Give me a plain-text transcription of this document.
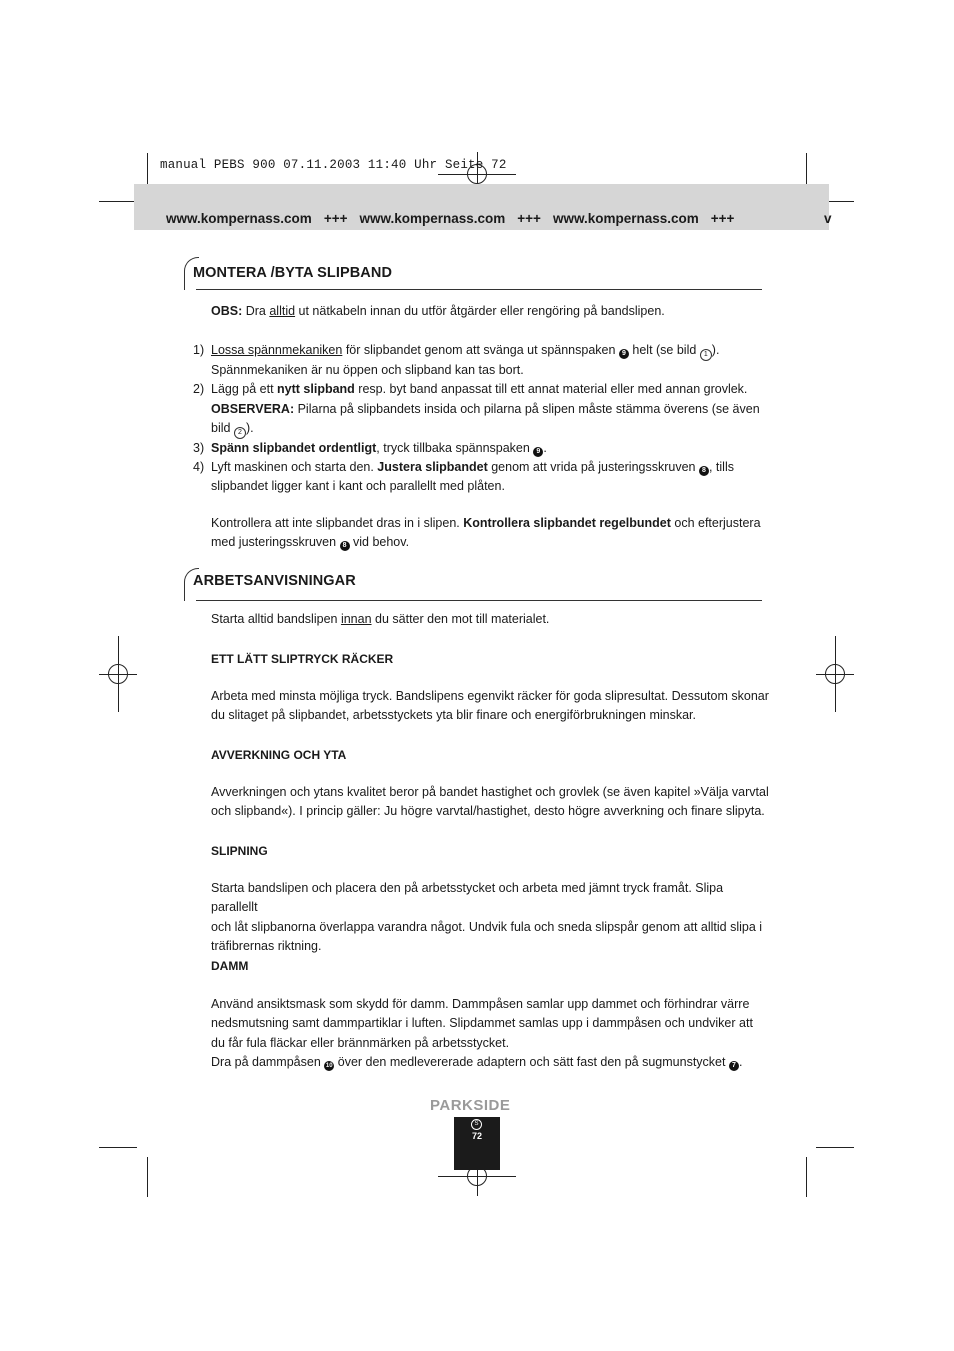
manual PEBS 900 07.11.2003 11:40 Uhr Seite 72
www.kompernass.com +++ www.kompernass.com +++ www.kompernass.com +++	v
MONTERA /BYTA SLIPBAND
OBS: Dra alltid ut nätkabeln innan du utför åtgärder eller rengöring på bandslipen.
1) Lossa spännmekaniken för slipbandet genom att svänga ut spännspaken 9 helt (se bild 1 ).

Spännmekaniken är nu öppen och slipband kan tas bort.

2) Lägg på ett nytt slipband resp. byt band anpassat till ett annat material eller med annan grovlek.

OBSERVERA: Pilarna på slipbandets insida och pilarna på slipen måste stämma överens (se även

bild 2 ).

3) Spänn slipbandet ordentligt, tryck tillbaka spännspaken 9 .

4) Lyft maskinen och starta den. Justera slipbandet genom att vrida på justeringsskruven 8 , tills

slipbandet ligger kant i kant och parallellt med plåten.

Kontrollera att inte slipbandet dras in i slipen. Kontrollera slipbandet regelbundet och efterjustera

med justeringsskruven 8 vid behov.

ARBETSANVISNINGAR
Starta alltid bandslipen innan du sätter den mot till materialet.
ETT LÄTT SLIPTRYCK RÄCKER

Arbeta med minsta möjliga tryck. Bandslipens egenvikt räcker för goda slipresultat. Dessutom skonar

du slitaget på slipbandet, arbetsstyckets yta blir finare och energiförbrukningen minskar.

AVVERKNING OCH YTA

Avverkningen och ytans kvalitet beror på bandet hastighet och grovlek (se även kapitel »Välja varvtal

och slipband«). I princip gäller: Ju högre varvtal/hastighet, desto högre avverkning och finare slipyta.

SLIPNING

Starta bandslipen och placera den på arbetsstycket och arbeta med jämnt tryck framåt. Slipa parallellt

och låt slipbanorna överlappa varandra något. Undvik fula och sneda slipspår genom att alltid slipa i

träfibrernas riktning.

DAMM

Använd ansiktsmask som skydd för damm. Dammpåsen samlar upp dammet och förhindrar värre

nedsmutsning samt dammpartiklar i luften. Slipdammet samlas upp i dammpåsen och undviker att

du får fula fläckar eller brännmärken på arbetsstycket.

Dra på dammpåsen 10 över den medlevererade adaptern och sätt fast den på sugmunstycket 7 .

PARKSIDE
S
72
